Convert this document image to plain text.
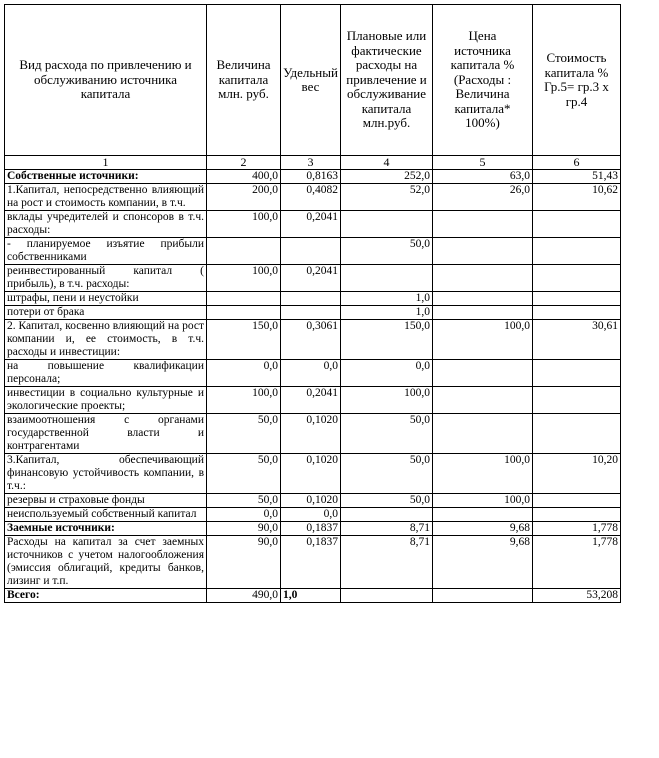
Вид расхода по привлечению и обслуживанию источника капитала	Величина капитала млн. руб.	Удельный вес	Плановые или фактические расходы на привлечение и обслуживание капитала млн.руб.	Цена источника капитала % (Расходы : Величина капитала* 100%)	Стоимость капитала % Гр.5= гр.3 х гр.4
1	2	3	4	5	6
Собственные источники:	400,0	0,8163	252,0	63,0	51,43
1.Капитал, непосредственно влияющий на рост и стоимость компании, в т.ч.	200,0	0,4082	52,0	26,0	10,62
вклады учредителей и спонсоров в т.ч. расходы:	100,0	0,2041			
- планируемое изъятие прибыли собственниками			50,0		
реинвестированный капитал ( прибыль), в т.ч. расходы:	100,0	0,2041			
штрафы, пени и неустойки			1,0		
потери от брака			1,0		
2. Капитал, косвенно влияющий на рост компании и, ее стоимость, в т.ч. расходы и инвестиции:	150,0	0,3061	150,0	100,0	30,61
на повышение квалификации персонала;	0,0	0,0	0,0		
инвестиции в социально культурные и экологические проекты;	100,0	0,2041	100,0		
взаимоотношения с органами государственной власти и контрагентами	50,0	0,1020	50,0		
3.Капитал, обеспечивающий финансовую устойчивость компании, в т.ч.:	50,0	0,1020	50,0	100,0	10,20
резервы и страховые фонды	50,0	0,1020	50,0	100,0	
неиспользуемый собственный капитал	0,0	0,0			
Заемные источники:	90,0	0,1837	8,71	9,68	1,778
Расходы на капитал за счет заемных источников с учетом налогообложения (эмиссия облигаций, кредиты банков, лизинг и т.п.	90,0	0,1837	8,71	9,68	1,778
Всего:	490,0	1,0			53,208
